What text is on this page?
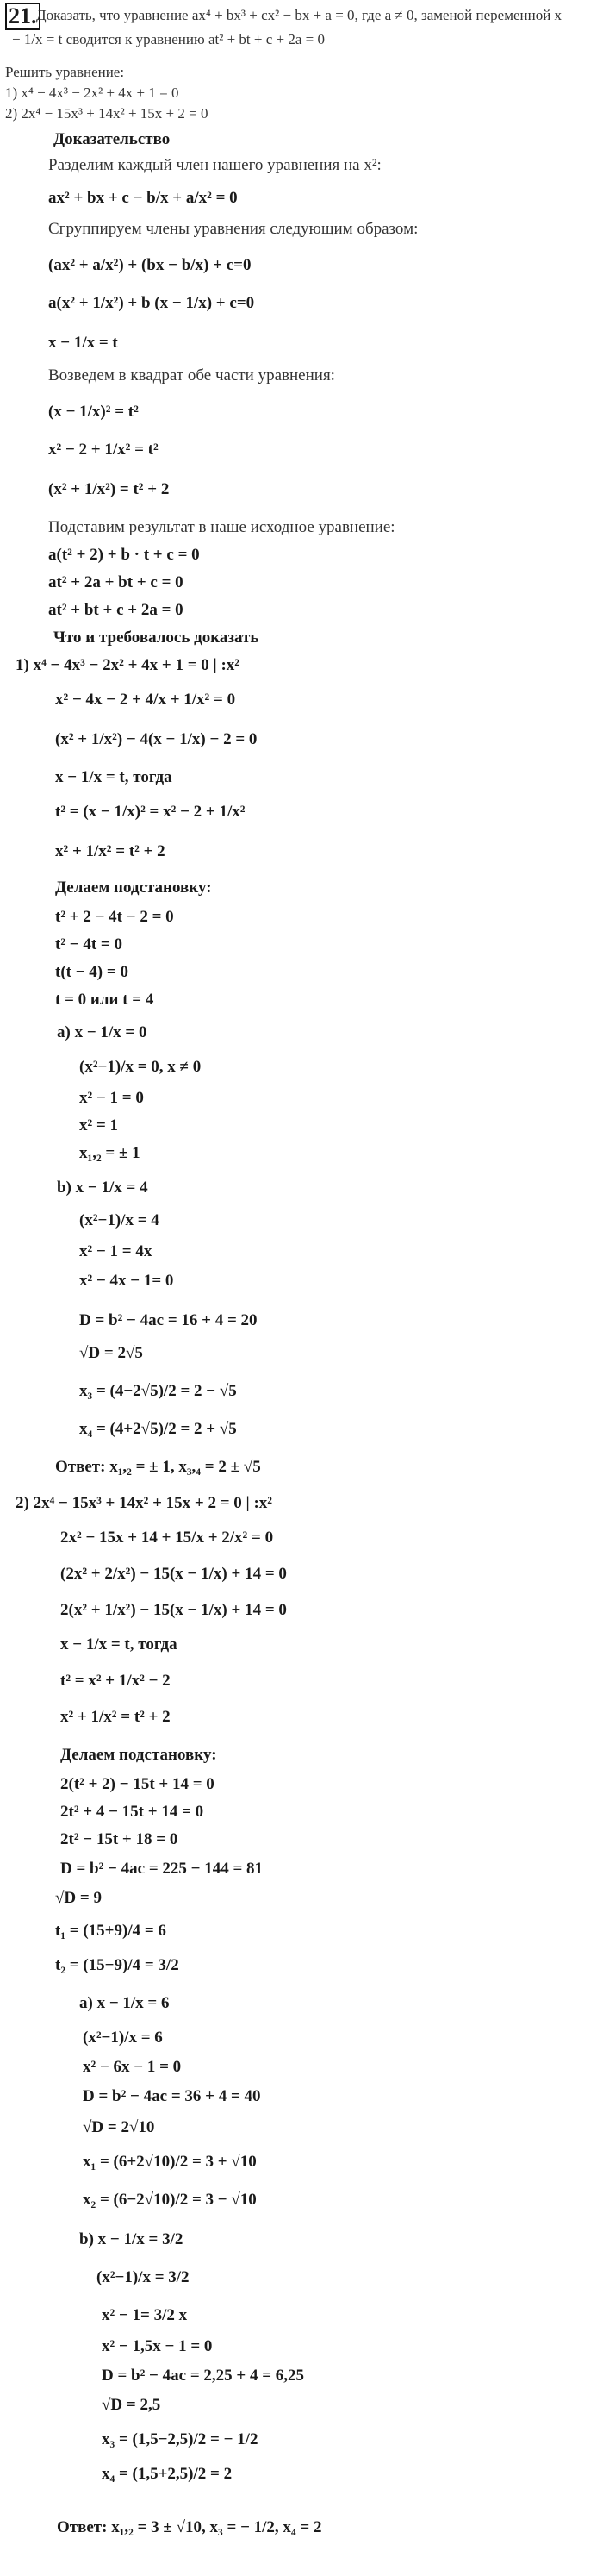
21. Доказать, что уравнение ax⁴ + bx³ + cx² − bx + a = 0, где a ≠ 0, заменой переменной x
− 1/x = t сводится к уравнению at² + bt + c + 2a = 0
Решить уравнение:
1) x⁴ − 4x³ − 2x² + 4x + 1 = 0
2) 2x⁴ − 15x³ + 14x² + 15x + 2 = 0
Доказательство
Разделим каждый член нашего уравнения на x²:
ax² + bx + c − b/x + a/x² = 0
Сгруппируем члены уравнения следующим образом:
(ax² + a/x²) + (bx − b/x) + c=0
a(x² + 1/x²) + b (x − 1/x) + c=0
x − 1/x = t
Возведем в квадрат обе части уравнения:
(x − 1/x)² = t²
x² − 2 + 1/x² = t²
(x² + 1/x²) = t² + 2
Подставим результат в наше исходное уравнение:
a(t² + 2) + b · t + c = 0
at² + 2a + bt + c = 0
at² + bt + c + 2a = 0
Что и требовалось доказать
1) x⁴ − 4x³ − 2x² + 4x + 1 = 0 | :x²
x² − 4x − 2 + 4/x + 1/x² = 0
(x² + 1/x²) − 4(x − 1/x) − 2 = 0
x − 1/x = t, тогда
t² = (x − 1/x)² = x² − 2 + 1/x²
x² + 1/x² = t² + 2
Делаем подстановку:
t² + 2 − 4t − 2 = 0
t² − 4t = 0
t(t − 4) = 0
t = 0 или t = 4
a) x − 1/x = 0
(x²−1)/x = 0, x ≠ 0
x² − 1 = 0
x² = 1
x₁,₂ = ± 1
b) x − 1/x = 4
(x²−1)/x = 4
x² − 1 = 4x
x² − 4x − 1= 0
D = b² − 4ac = 16 + 4 = 20
√D = 2√5
x₃ = (4−2√5)/2 = 2 − √5
x₄ = (4+2√5)/2 = 2 + √5
Ответ: x₁,₂ = ± 1, x₃,₄ = 2 ± √5
2) 2x⁴ − 15x³ + 14x² + 15x + 2 = 0 | :x²
2x² − 15x + 14 + 15/x + 2/x² = 0
(2x² + 2/x²) − 15(x − 1/x) + 14 = 0
2(x² + 1/x²) − 15(x − 1/x) + 14 = 0
x − 1/x = t, тогда
t² = x² + 1/x² − 2
x² + 1/x² = t² + 2
Делаем подстановку:
2(t² + 2) − 15t + 14 = 0
2t² + 4 − 15t + 14 = 0
2t² − 15t + 18 = 0
D = b² − 4ac = 225 − 144 = 81
√D = 9
t₁ = (15+9)/4 = 6
t₂ = (15−9)/4 = 3/2
a) x − 1/x = 6
(x²−1)/x = 6
x² − 6x − 1 = 0
D = b² − 4ac = 36 + 4 = 40
√D = 2√10
x₁ = (6+2√10)/2 = 3 + √10
x₂ = (6−2√10)/2 = 3 − √10
b) x − 1/x = 3/2
(x²−1)/x = 3/2
x² − 1= 3/2 x
x² − 1,5x − 1 = 0
D = b² − 4ac = 2,25 + 4 = 6,25
√D = 2,5
x₃ = (1,5−2,5)/2 = − 1/2
x₄ = (1,5+2,5)/2 = 2
Ответ: x₁,₂ = 3 ± √10, x₃ = − 1/2, x₄ = 2
